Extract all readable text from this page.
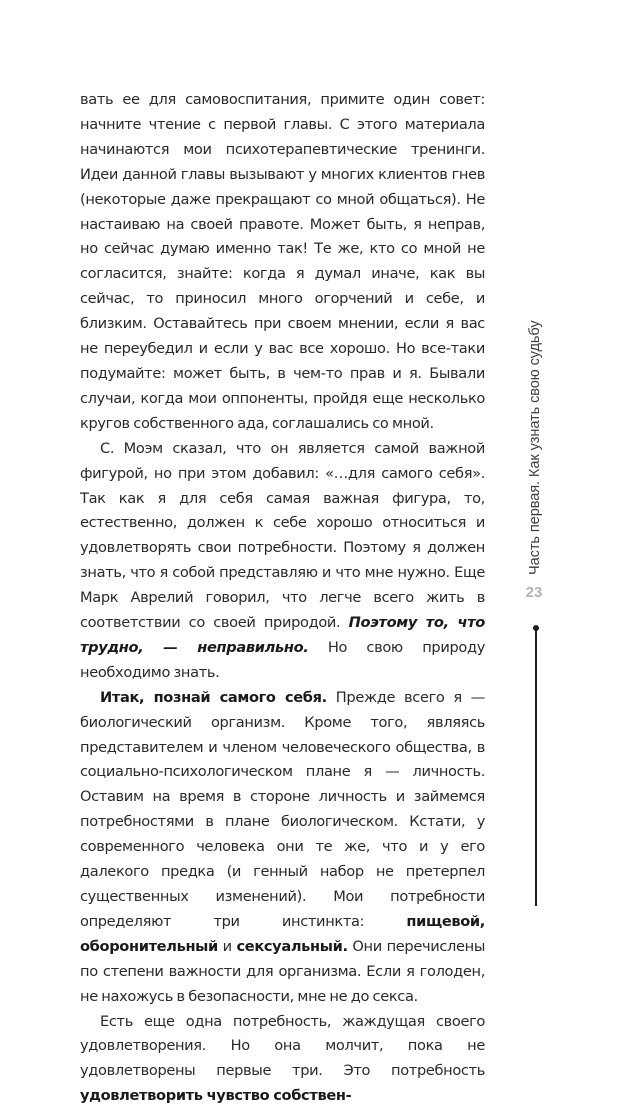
вать ее для самовоспитания, примите один совет: начните чтение с первой главы. С этого материала начинаются мои психотерапевтические тренинги. Идеи данной главы вызывают у многих клиентов гнев (некоторые даже прекращают со мной общаться). Не настаиваю на своей правоте. Может быть, я неправ, но сейчас думаю именно так! Те же, кто со мной не согласится, знайте: когда я думал иначе, как вы сейчас, то приносил много огорчений и себе, и близким. Оставайтесь при своем мнении, если я вас не переубедил и если у вас все хорошо. Но все-таки подумайте: может быть, в чем-то прав и я. Бывали случаи, когда мои оппоненты, пройдя еще несколько кругов собственного ада, соглашались со мной.

С. Моэм сказал, что он является самой важной фигурой, но при этом добавил: «…для самого себя». Так как я для себя самая важная фигура, то, естественно, должен к себе хорошо относиться и удовлетворять свои потребности. Поэтому я должен знать, что я собой представляю и что мне нужно. Еще Марк Аврелий говорил, что легче всего жить в соответствии со своей природой. Поэтому то, что трудно, — неправильно. Но свою природу необходимо знать.

Итак, познай самого себя. Прежде всего я — биологический организм. Кроме того, являясь представителем и членом человеческого общества, в социально-психологическом плане я — личность. Оставим на время в стороне личность и займемся потребностями в плане биологическом. Кстати, у современного человека они те же, что и у его далекого предка (и генный набор не претерпел существенных изменений). Мои потребности определяют три инстинкта: пищевой, оборонительный и сексуальный. Они перечислены по степени важности для организма. Если я голоден, не нахожусь в безопасности, мне не до секса.

Есть еще одна потребность, жаждущая своего удовлетворения. Но она молчит, пока не удовлетворены первые три. Это потребность удовлетворить чувство собствен-

Часть первая. Как узнать свою судьбу
23
